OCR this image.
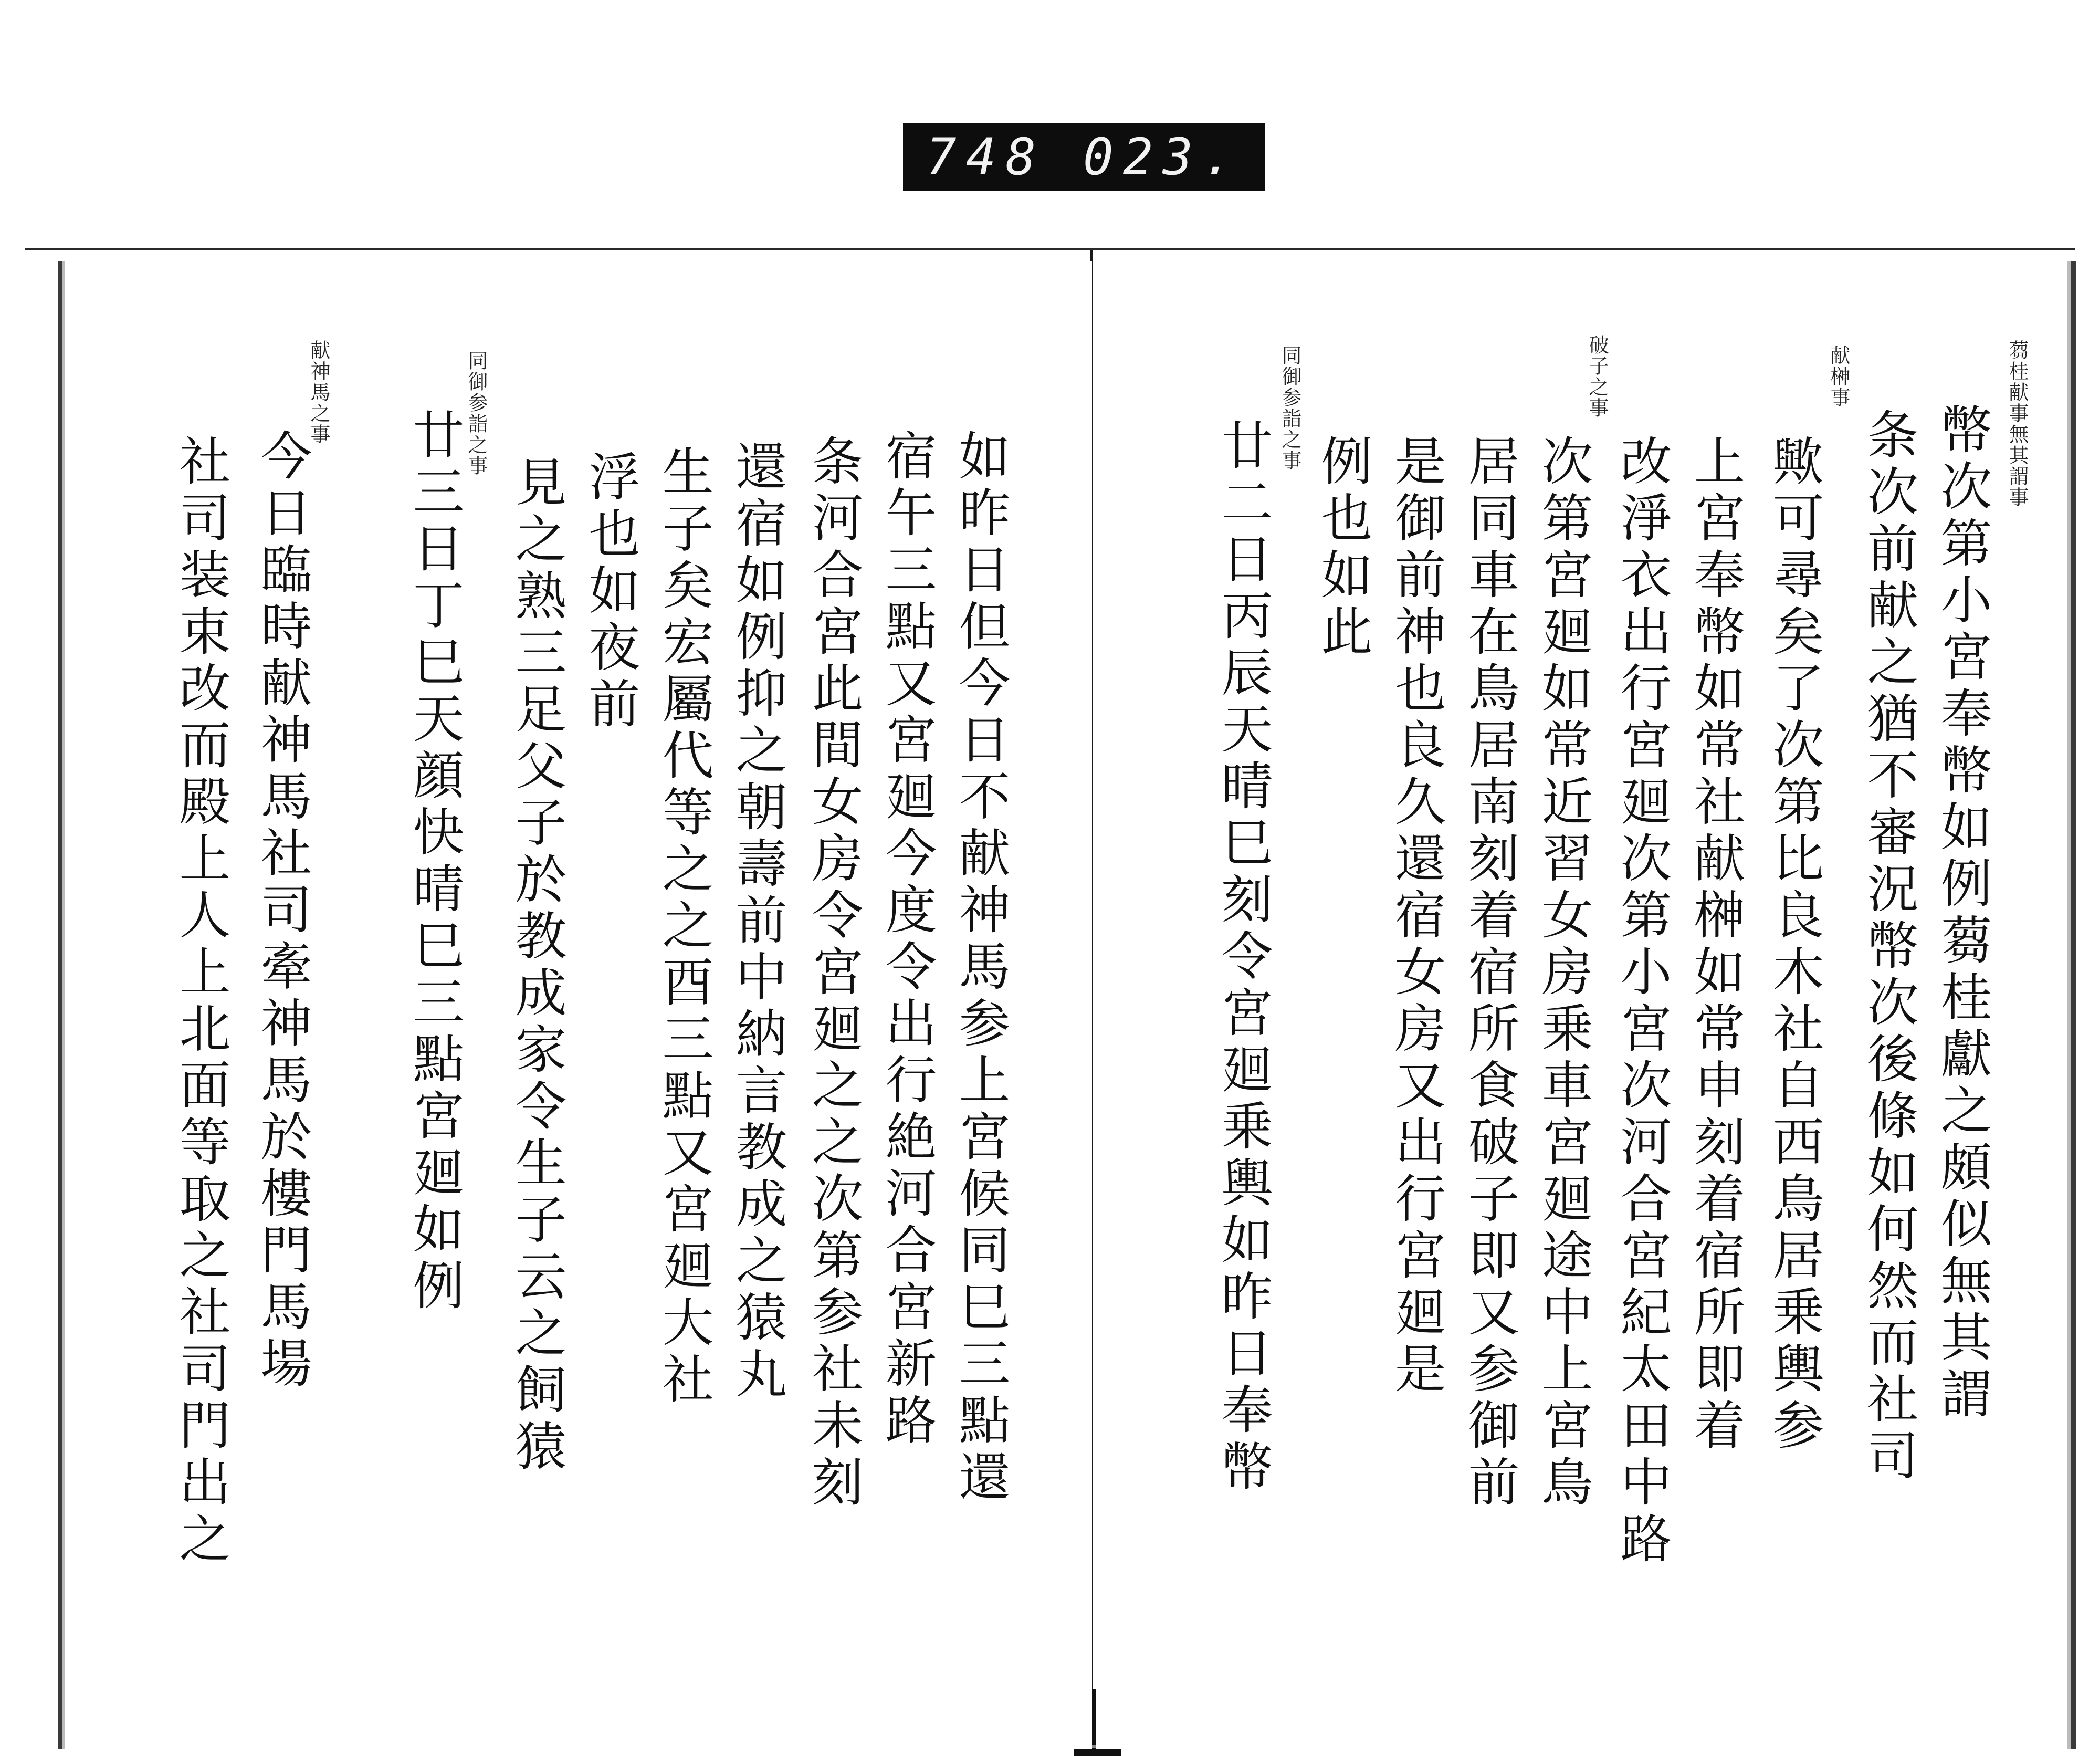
748 023.
如昨日但今日不献神馬参上宮候同巳三點還
宿午三點又宮廻今度令出行絶河合宮新路
条河合宮此間女房令宮廻之之次第参社未刻
還宿如例抑之朝壽前中納言教成之猿丸
生子矣宏屬代等之之酉三點又宮廻大社
浮也如夜前
見之熟三足父子於教成家令生子云之飼猿
同御参詣之事
廿三日丁巳天顔快晴巳三點宮廻如例
献神馬之事
今日臨時献神馬社司牽神馬於樓門馬場
社司装束改而殿上人上北面等取之社司門出之
蒭桂献事無其謂事
幣次第小宮奉幣如例蒭桂獻之頗似無其謂
条次前献之猶不審況幣次後條如何然而社司
献榊事
歟可尋矣了次第比良木社自西鳥居乗輿参
上宮奉幣如常社献榊如常申刻着宿所即着
改淨衣出行宮廻次第小宮次河合宮紀太田中路
破子之事
次第宮廻如常近習女房乗車宮廻途中上宮鳥
居同車在鳥居南刻着宿所食破子即又参御前
是御前神也良久還宿女房又出行宮廻是
例也如此
同御参詣之事
廿二日丙辰天晴巳刻令宮廻乗輿如昨日奉幣
